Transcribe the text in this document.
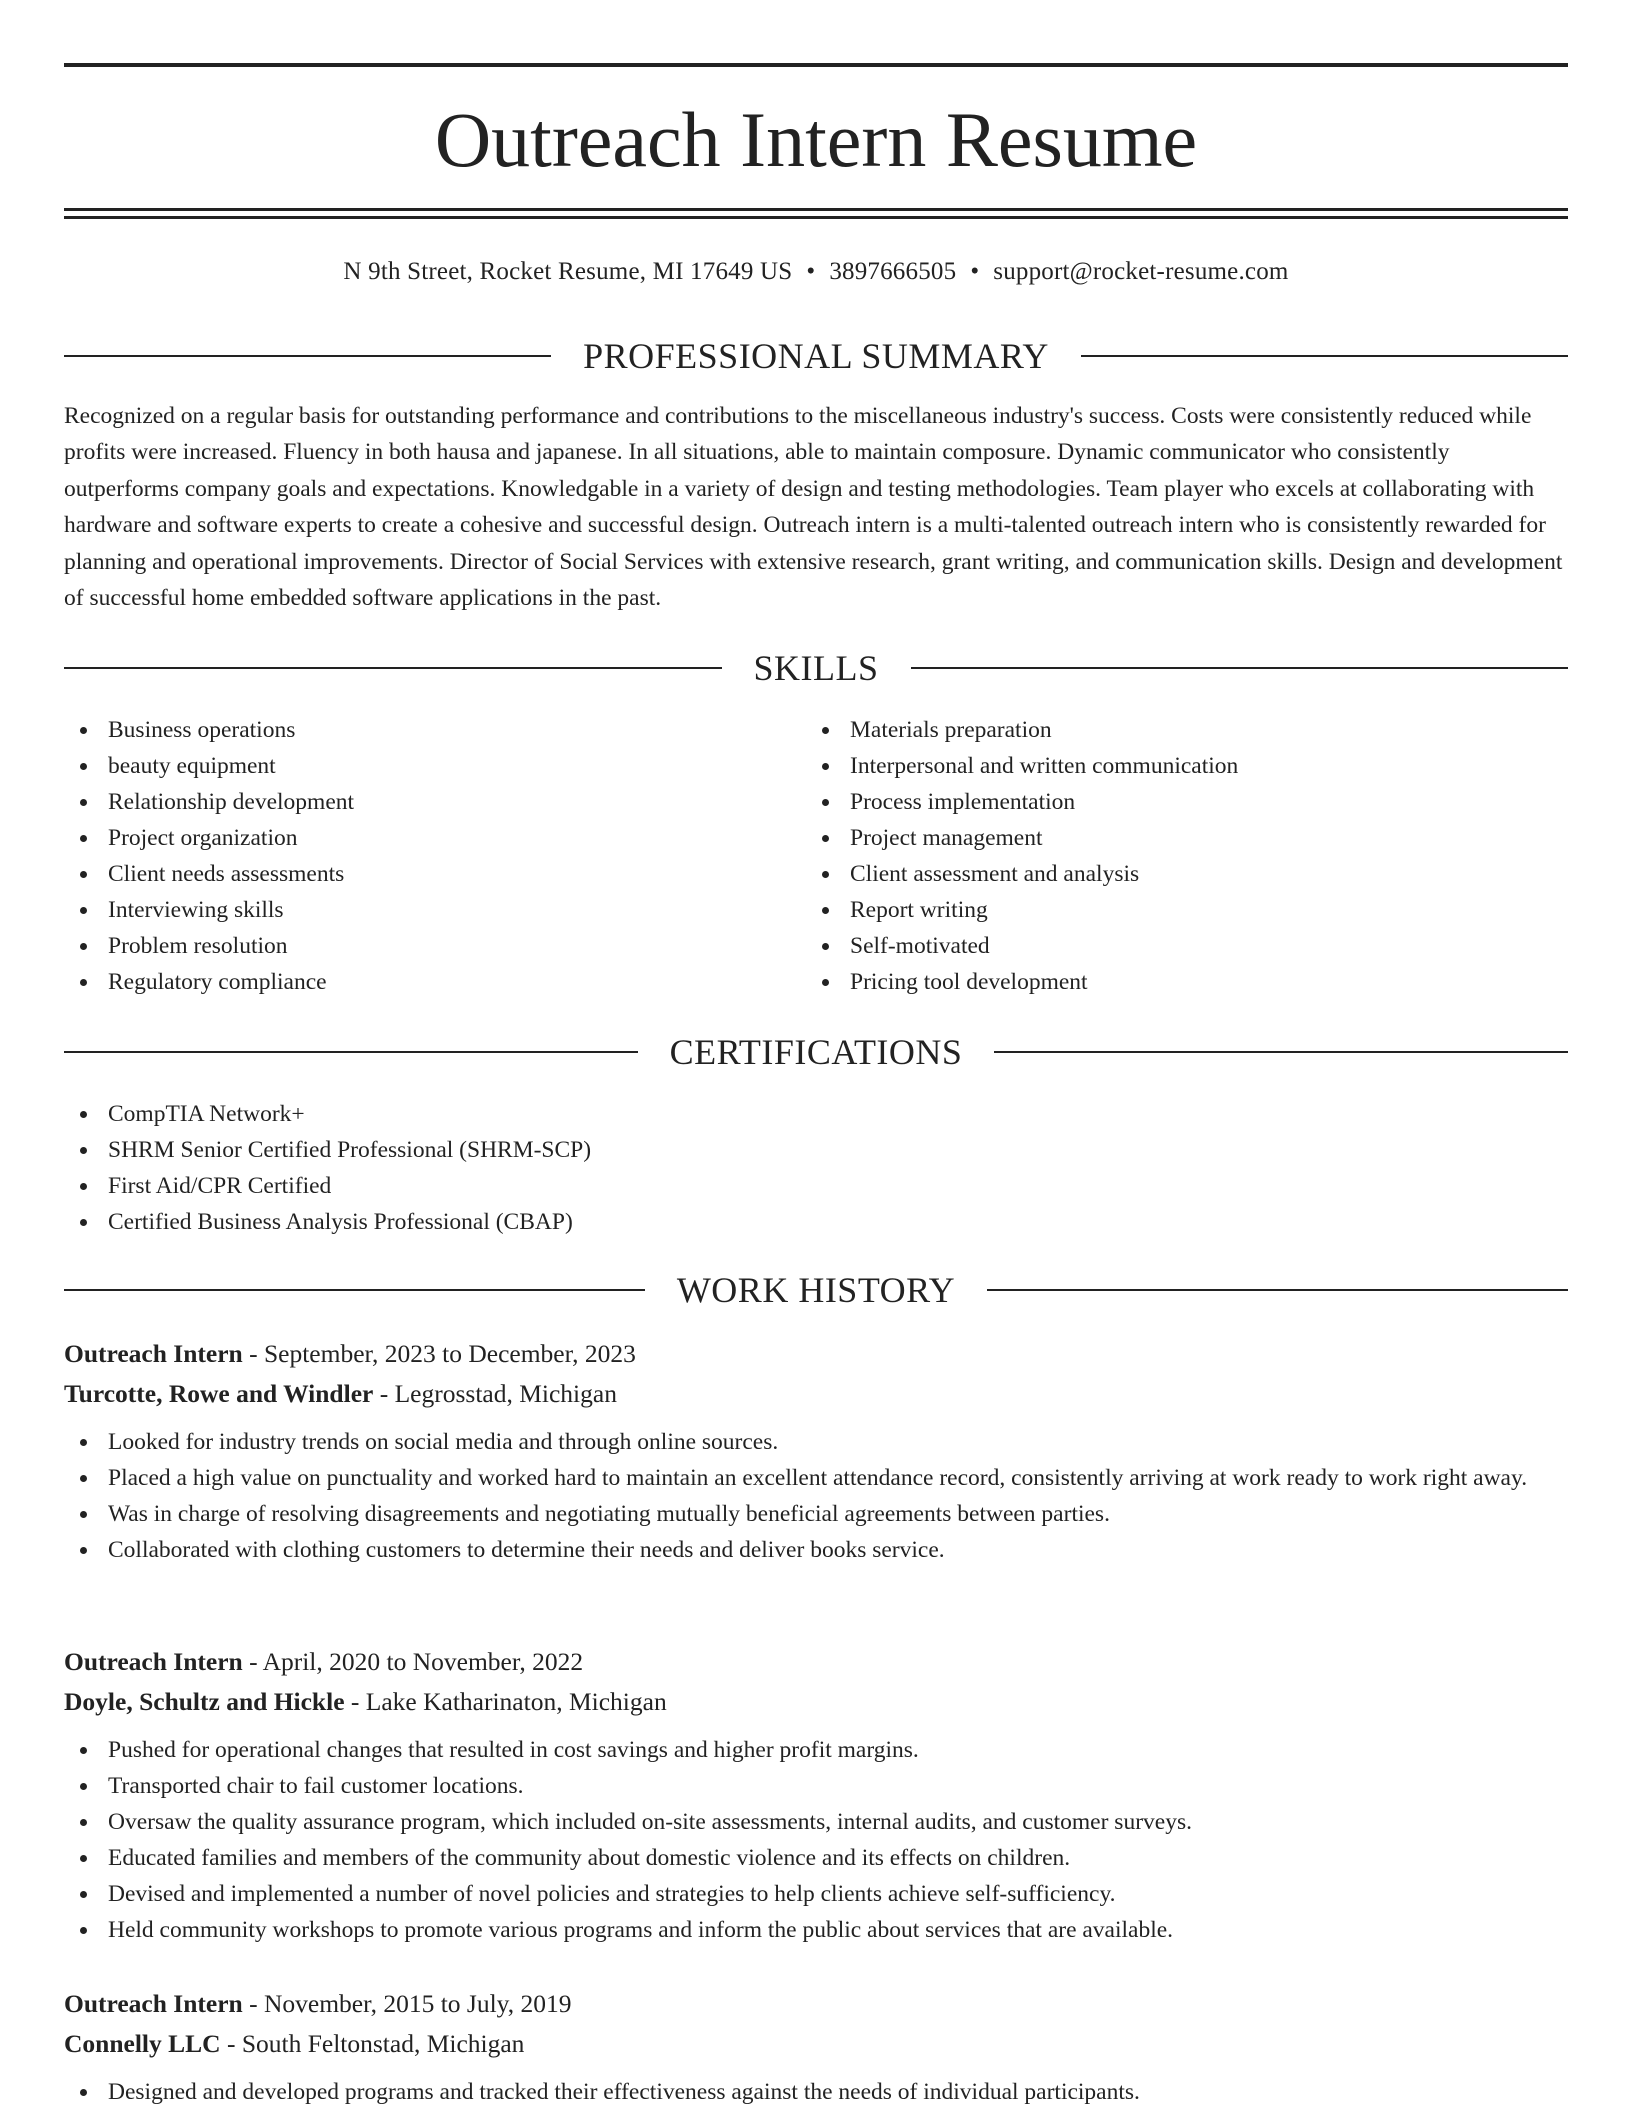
Outreach Intern Resume
N 9th Street, Rocket Resume, MI 17649 US • 3897666505 • support@rocket-resume.com
PROFESSIONAL SUMMARY

Recognized on a regular basis for outstanding performance and contributions to the miscellaneous industry's success. Costs were consistently reduced while profits were increased. Fluency in both hausa and japanese. In all situations, able to maintain composure. Dynamic communicator who consistently outperforms company goals and expectations. Knowledgable in a variety of design and testing methodologies. Team player who excels at collaborating with hardware and software experts to create a cohesive and successful design. Outreach intern is a multi-talented outreach intern who is consistently rewarded for planning and operational improvements. Director of Social Services with extensive research, grant writing, and communication skills. Design and development of successful home embedded software applications in the past.

SKILLS
Business operations
beauty equipment
Relationship development
Project organization
Client needs assessments
Interviewing skills
Problem resolution
Regulatory compliance
Materials preparation
Interpersonal and written communication
Process implementation
Project management
Client assessment and analysis
Report writing
Self-motivated
Pricing tool development
CERTIFICATIONS
CompTIA Network+
SHRM Senior Certified Professional (SHRM-SCP)
First Aid/CPR Certified
Certified Business Analysis Professional (CBAP)
WORK HISTORY

Outreach Intern - September, 2023 to December, 2023

Turcotte, Rowe and Windler - Legrosstad, Michigan

Looked for industry trends on social media and through online sources.
Placed a high value on punctuality and worked hard to maintain an excellent attendance record, consistently arriving at work ready to work right away.
Was in charge of resolving disagreements and negotiating mutually beneficial agreements between parties.
Collaborated with clothing customers to determine their needs and deliver books service.

Outreach Intern - April, 2020 to November, 2022

Doyle, Schultz and Hickle - Lake Katharinaton, Michigan

Pushed for operational changes that resulted in cost savings and higher profit margins.
Transported chair to fail customer locations.
Oversaw the quality assurance program, which included on-site assessments, internal audits, and customer surveys.
Educated families and members of the community about domestic violence and its effects on children.
Devised and implemented a number of novel policies and strategies to help clients achieve self-sufficiency.
Held community workshops to promote various programs and inform the public about services that are available.

Outreach Intern - November, 2015 to July, 2019

Connelly LLC - South Feltonstad, Michigan

Designed and developed programs and tracked their effectiveness against the needs of individual participants.
